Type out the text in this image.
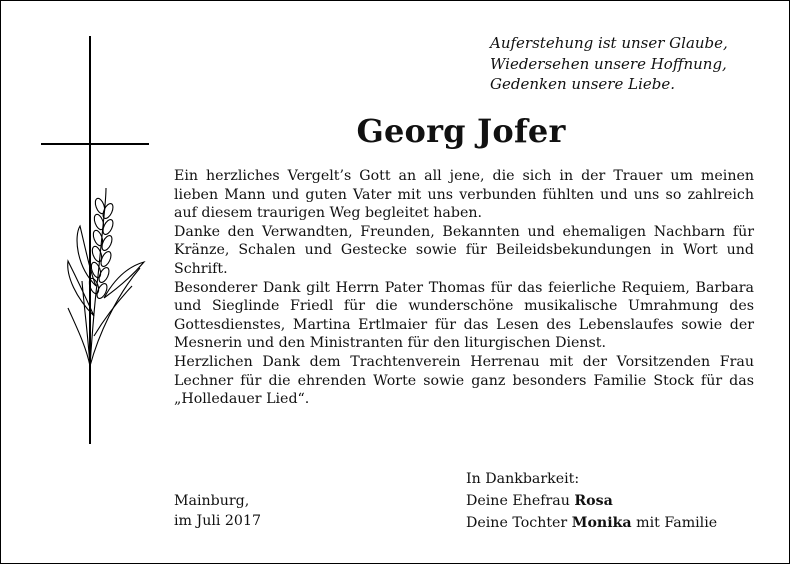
Auferstehung ist unser Glaube,
Wiedersehen unsere Hoffnung,
Gedenken unsere Liebe.
Georg Jofer

Ein herzliches Vergelt’s Gott an all jene, die sich in der Trauer um meinen lieben Mann und guten Vater mit uns verbunden fühlten und uns so zahlreich auf diesem traurigen Weg begleitet haben.

Danke den Verwandten, Freunden, Bekannten und ehemaligen Nachbarn für Kränze, Schalen und Gestecke sowie für Beileidsbekundungen in Wort und Schrift.

Besonderer Dank gilt Herrn Pater Thomas für das feierliche Requiem, Barbara und Sieglinde Friedl für die wunderschöne musikalische Umrahmung des Gottesdienstes, Martina Ertlmaier für das Lesen des Lebenslaufes sowie der Mesnerin und den Ministranten für den liturgischen Dienst.

Herzlichen Dank dem Trachtenverein Herrenau mit der Vorsitzenden Frau Lechner für die ehrenden Worte sowie ganz besonders Familie Stock für das „Holledauer Lied“.

Mainburg,
im Juli 2017
In Dankbarkeit:
Deine Ehefrau Rosa
Deine Tochter Monika mit Familie
